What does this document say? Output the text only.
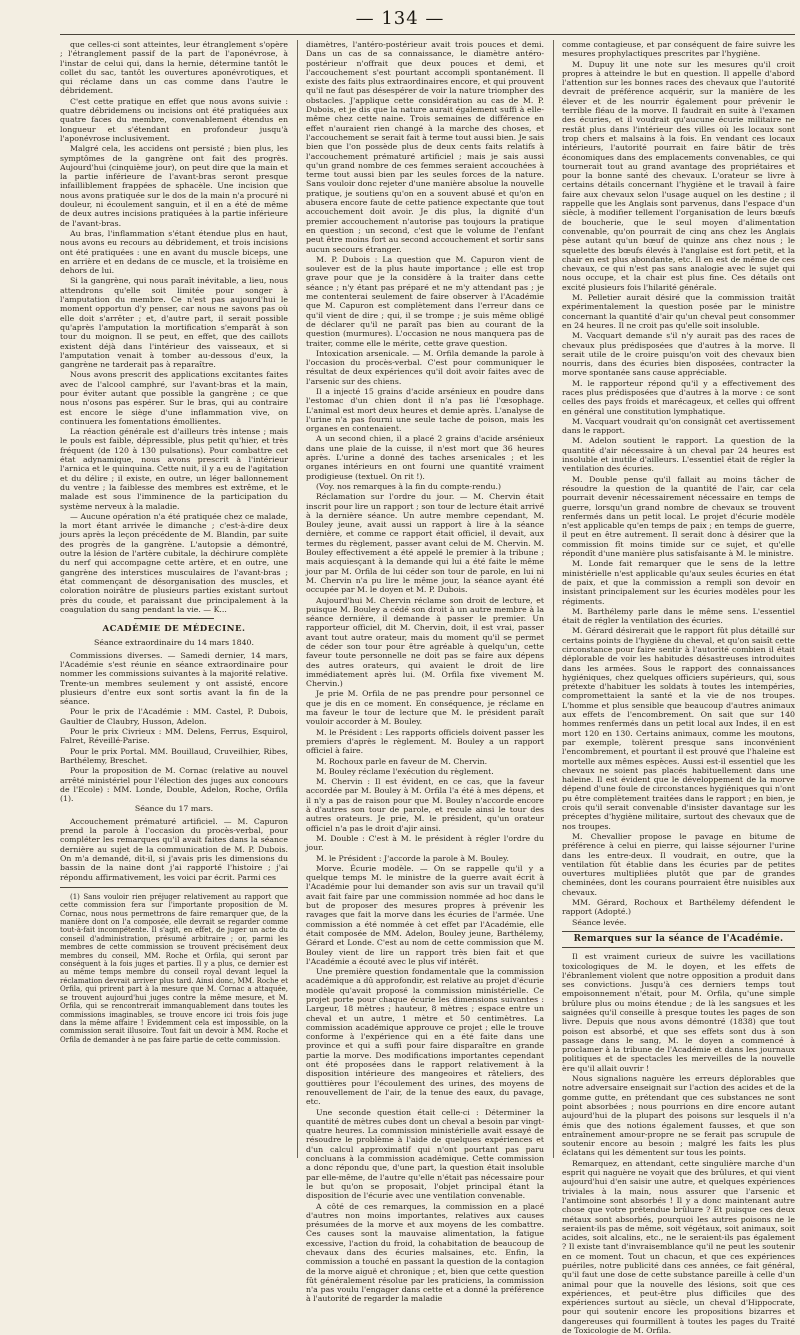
— 134 —

que celles-ci sont atteintes, leur étranglement s'opère ; l'étranglement passif de la part de l'aponévrose, à l'instar de celui qui, dans la hernie, détermine tantôt le collet du sac, tantôt les ouvertures aponévrotiques, et qui réclame dans un cas comme dans l'autre le débridement.

C'est cette pratique en effet que nous avons suivie : quatre débridemens ou incisions ont été pratiquées aux quatre faces du membre, convenablement étendus en longueur et s'étendant en profondeur jusqu'à l'aponévrose inclusivement.

Malgré cela, les accidens ont persisté ; bien plus, les symptômes de la gangrène ont fait des progrès. Aujourd'hui (cinquième jour), on peut dire que la main et la partie inférieure de l'avant-bras seront presque infailliblement frappées de sphacèle. Une incision que nous avons pratiquée sur le dos de la main n'a procuré ni douleur, ni écoulement sanguin, et il en a été de même de deux autres incisions pratiquées à la partie inférieure de l'avant-bras.

Au bras, l'inflammation s'étant étendue plus en haut, nous avons eu recours au débridement, et trois incisions ont été pratiquées : une en avant du muscle biceps, une en arrière et en dedans de ce muscle, et la troisième en dehors de lui.

Si la gangrène, qui nous paraît inévitable, a lieu, nous attendrons qu'elle soit limitée pour songer à l'amputation du membre. Ce n'est pas aujourd'hui le moment opportun d'y penser, car nous ne savons pas où elle doit s'arrêter ; et, d'autre part, il serait possible qu'après l'amputation la mortification s'emparât à son tour du moignon. Il se peut, en effet, que des caillots existent déjà dans l'intérieur des vaisseaux, et si l'amputation venait à tomber au-dessous d'eux, la gangrène ne tarderait pas à reparaître.

Nous avons prescrit des applications excitantes faites avec de l'alcool camphré, sur l'avant-bras et la main, pour éviter autant que possible la gangrène ; ce que nous n'osons pas espérer. Sur le bras, qui au contraire est encore le siège d'une inflammation vive, on continuera les fomentations émollientes.

La réaction générale est d'ailleurs très intense ; mais le pouls est faible, dépressible, plus petit qu'hier, et très fréquent (de 120 à 130 pulsations). Pour combattre cet état adynamique, nous avons prescrit à l'intérieur l'arnica et le quinquina. Cette nuit, il y a eu de l'agitation et du délire ; il existe, en outre, un léger ballonnement du ventre ; la faiblesse des membres est extrême, et le malade est sous l'imminence de la participation du système nerveux à la maladie.

— Aucune opération n'a été pratiquée chez ce malade, la mort étant arrivée le dimanche ; c'est-à-dire deux jours après la leçon précédente de M. Blandin, par suite des progrès de la gangrène. L'autopsie a démontré, outre la lésion de l'artère cubitale, la déchirure complète du nerf qui accompagne cette artère, et en outre, une gangrène des interstices musculaires de l'avant-bras ; état commençant de désorganisation des muscles, et coloration noirâtre de plusieurs parties existant surtout près du coude, et paraissant due principalement à la coagulation du sang pendant la vie. — K...

ACADÉMIE DE MÉDECINE.
Séance extraordinaire du 14 mars 1840.

Commissions diverses. — Samedi dernier, 14 mars, l'Académie s'est réunie en séance extraordinaire pour nommer les commissions suivantes à la majorité relative. Trente-un membres seulement y ont assisté, encore plusieurs d'entre eux sont sortis avant la fin de la séance.

Pour le prix de l'Académie : MM. Castel, P. Dubois, Gaultier de Claubry, Husson, Adelon.

Pour le prix Civrieux : MM. Delens, Ferrus, Esquirol, Falret, Réveillé-Parise.

Pour le prix Portal. MM. Bouillaud, Cruveilhier, Ribes, Barthélemy, Breschet.

Pour la proposition de M. Cornac (relative au nouvel arrêté ministériel pour l'élection des juges aux concours de l'Ecole) : MM. Londe, Double, Adelon, Roche, Orfila (1).

Séance du 17 mars.

Accouchement prématuré artificiel. — M. Capuron prend la parole à l'occasion du procès-verbal, pour compléter les remarques qu'il avait faites dans la séance dernière au sujet de la communication de M. P. Dubois. On m'a demandé, dit-il, si j'avais pris les dimensions du bassin de la naine dont j'ai rapporté l'histoire ; j'ai répondu affirmativement, les voici par écrit. Parmi ces

(1) Sans vouloir rien préjuger relativement au rapport que cette commission fera sur l'importante proposition de M. Cornac, nous nous permettrons de faire remarquer que, de la manière dont on l'a composée, elle devrait se regarder comme tout-à-fait incompétente. Il s'agit, en effet, de juger un acte du conseil d'administration, présumé arbitraire ; or, parmi les membres de cette commission se trouvent précisément deux membres du conseil, MM. Roche et Orfila, qui seront par conséquent à la fois juges et parties. Il y a plus, ce dernier est au même temps membre du conseil royal devant lequel la réclamation devrait arriver plus tard. Ainsi donc, MM. Roche et Orfila, qui prirent part à la mesure que M. Cornac a attaquée, se trouvent aujourd'hui juges contre la même mesure, et M. Orfila, qui se rencontrerait immanquablement dans toutes les commissions imaginables, se trouve encore ici trois fois juge dans la même affaire ! Evidemment cela est impossible, on la commission serait illusoire. Tout fait un devoir à MM. Roche et Orfila de demander à ne pas faire partie de cette commission.

diamètres, l'antéro-postérieur avait trois pouces et demi. Dans un cas de sa connaissance, le diamètre antéro-postérieur n'offrait que deux pouces et demi, et l'accouchement s'est pourtant accompli spontanément. Il existe des faits plus extraordinaires encore, et qui prouvent qu'il ne faut pas désespérer de voir la nature triompher des obstacles. J'applique cette considération au cas de M. P. Dubois, et je dis que la nature aurait également suffi à elle-même chez cette naine. Trois semaines de différence en effet n'auraient rien changé à la marche des choses, et l'accouchement se serait fait à terme tout aussi bien. Je sais bien que l'on possède plus de deux cents faits relatifs à l'accouchement prématuré artificiel ; mais je sais aussi qu'un grand nombre de ces femmes seraient accouchées à terme tout aussi bien par les seules forces de la nature. Sans vouloir donc rejeter d'une manière absolue la nouvelle pratique, je soutiens qu'on en a souvent abusé et qu'on en abusera encore faute de cette patience expectante que tout accouchement doit avoir. Je dis plus, la dignité d'un premier accouchement n'autorise pas toujours la pratique en question ; un second, c'est que le volume de l'enfant peut être moins fort au second accouchement et sortir sans aucun secours étranger.

M. P. Dubois : La question que M. Capuron vient de soulever est de la plus haute importance ; elle est trop grave pour que je la considère à la traiter dans cette séance ; n'y étant pas préparé et ne m'y attendant pas ; je me contenterai seulement de faire observer à l'Académie que M. Capuron est complètement dans l'erreur dans ce qu'il vient de dire ; qui, il se trompe ; je suis même obligé de déclarer qu'il ne paraît pas bien au courant de la question (murmures). L'occasion ne nous manquera pas de traiter, comme elle le mérite, cette grave question.

Intoxication arsenicale. — M. Orfila demande la parole à l'occasion du procès-verbal. C'est pour communiquer le résultat de deux expériences qu'il doit avoir faites avec de l'arsenic sur des chiens.

Il a injecté 15 grains d'acide arsénieux en poudre dans l'estomac d'un chien dont il n'a pas lié l'œsophage. L'animal est mort deux heures et demie après. L'analyse de l'urine n'a pas fourni une seule tache de poison, mais les organes en contenaient.

A un second chien, il a placé 2 grains d'acide arsénieux dans une plaie de la cuisse, il n'est mort que 36 heures après. L'urine a donné des taches arsenicales ; et les organes intérieurs en ont fourni une quantité vraiment prodigieuse (textuel. On rit !).

(Voy. nos remarques à la fin du compte-rendu.)

Réclamation sur l'ordre du jour. — M. Chervin était inscrit pour lire un rapport ; son tour de lecture était arrivé à la dernière séance. Un autre membre cependant, M. Bouley jeune, avait aussi un rapport à lire à la séance dernière, et comme ce rapport était officiel, il devait, aux termes du règlement, passer avant celui de M. Chervin. M. Bouley effectivement a été appelé le premier à la tribune ; mais acquiesçant à la demande qui lui a été faite le même jour par M. Orfila de lui céder son tour de parole, en lui ni M. Chervin n'a pu lire le même jour, la séance ayant été occupée par M. le doyen et M. P. Dubois.

Aujourd'hui M. Chervin réclame son droit de lecture, et puisque M. Bouley a cédé son droit à un autre membre à la séance dernière, il demande à passer le premier. Un rapporteur officiel, dit M. Chervin, doit, il est vrai, passer avant tout autre orateur, mais du moment qu'il se permet de céder son tour pour être agréable à quelqu'un, cette faveur toute personnelle ne doit pas se faire aux dépens des autres orateurs, qui avaient le droit de lire immédiatement après lui. (M. Orfila fixe vivement M. Chervin.)

Je prie M. Orfila de ne pas prendre pour personnel ce que je dis en ce moment. En conséquence, je réclame en ma faveur le tour de lecture que M. le président paraît vouloir accorder à M. Bouley.

M. le Président : Les rapports officiels doivent passer les premiers d'après le règlement. M. Bouley a un rapport officiel à faire.

M. Rochoux parle en faveur de M. Chervin.

M. Bouley réclame l'exécution du règlement.

M. Chervin : Il est évident, en ce cas, que la faveur accordée par M. Bouley à M. Orfila l'a été à mes dépens, et il n'y a pas de raison pour que M. Bouley n'accorde encore à d'autres son tour de parole, et recule ainsi le tour des autres orateurs. Je prie, M. le président, qu'un orateur officiel n'a pas le droit d'ajir ainsi.

M. Double : C'est à M. le président à régler l'ordre du jour.

M. le Président : J'accorde la parole à M. Bouley.

Morve. Écurie modèle. — On se rappelle qu'il y a quelque temps M. le ministre de la guerre avait écrit à l'Académie pour lui demander son avis sur un travail qu'il avait fait faire par une commission nommée ad hoc dans le but de proposer des mesures propres à prévenir les ravages que fait la morve dans les écuries de l'armée. Une commission a été nommée à cet effet par l'Académie, elle était composée de MM. Adelon, Bouley jeune, Barthélemy, Gérard et Londe. C'est au nom de cette commission que M. Bouley vient de lire un rapport très bien fait et que l'Académie a écouté avec le plus vif intérêt.

Une première question fondamentale que la commission académique a dû approfondir, est relative au projet d'écurie modèle qu'avait proposé la commission ministérielle. Ce projet porte pour chaque écurie les dimensions suivantes : Largeur, 18 mètres ; hauteur, 8 mètres ; espace entre un cheval et un autre, 1 mètre et 50 centimètres. La commission académique approuve ce projet ; elle le trouve conforme à l'expérience qui en a été faite dans une province et qui a suffi pour faire disparaître en grande partie la morve. Des modifications importantes cependant ont été proposées dans le rapport relativement à la disposition intérieure des mangeoires et râteliers, des gouttières pour l'écoulement des urines, des moyens de renouvellement de l'air, de la tenue des eaux, du pavage, etc.

Une seconde question était celle-ci : Déterminer la quantité de mètres cubes dont un cheval a besoin par vingt-quatre heures. La commission ministérielle avait essayé de résoudre le problème à l'aide de quelques expériences et d'un calcul approximatif qui n'ont pourtant pas paru concluans à la commission académique. Cette commission a donc répondu que, d'une part, la question était insoluble par elle-même, de l'autre qu'elle n'était pas nécessaire pour le but qu'on se proposait, l'objet principal étant la disposition de l'écurie avec une ventilation convenable.

A côté de ces remarques, la commission en a placé d'autres non moins importantes, relatives aux causes présumées de la morve et aux moyens de les combattre. Ces causes sont la mauvaise alimentation, la fatigue excessive, l'action du froid, la cohabitation de beaucoup de chevaux dans des écuries malsaines, etc. Enfin, la commission a touché en passant la question de la contagion de la morve aiguë et chronique ; et, bien que cette question fût généralement résolue par les praticiens, la commission n'a pas voulu l'engager dans cette et a donné la préférence à l'autorité de regarder la maladie

comme contagieuse, et par conséquent de faire suivre les mesures prophylactiques prescrites par l'hygiène.

M. Dupuy lit une note sur les mesures qu'il croit propres à atteindre le but en question. Il appelle d'abord l'attention sur les bonnes races des chevaux que l'autorité devrait de préférence acquérir, sur la manière de les élever et de les nourrir également pour prévenir le terrible fléau de la morve. Il faudrait en suite à l'examen des écuries, et il voudrait qu'aucune écurie militaire ne restât plus dans l'intérieur des villes où les locaux sont trop chers et malsains à la fois. En vendant ces locaux intérieurs, l'autorité pourrait en faire bâtir de très économiques dans des emplacements convenables, ce qui tournerait tout au grand avantage des propriétaires et pour la bonne santé des chevaux. L'orateur se livre à certains détails concernant l'hygiène et le travail à faire faire aux chevaux selon l'usage auquel on les destine ; il rappelle que les Anglais sont parvenus, dans l'espace d'un siècle, à modifier tellement l'organisation de leurs bœufs de boucherie, que le seul moyen d'alimentation convenable, qu'on pourrait de cinq ans chez les Anglais pèse autant qu'un bœuf de quinze ans chez nous ; le squelette des bœufs élevés à l'anglaise est fort petit, et la chair en est plus abondante, etc. Il en est de même de ces chevaux, ce qui n'est pas sans analogie avec le sujet qui nous occupe, et la chair est plus fine. Ces détails ont excité plusieurs fois l'hilarité générale.

M. Pelletier aurait désiré que la commission traitât expérimentalement la question posée par le ministre concernant la quantité d'air qu'un cheval peut consommer en 24 heures. Il ne croit pas qu'elle soit insoluble.

M. Vacquart demande s'il n'y aurait pas des races de chevaux plus prédisposées que d'autres à la morve. Il serait utile de le croire puisqu'on voit des chevaux bien nourris, dans des écuries bien disposées, contracter la morve spontanée sans cause appréciable.

M. le rapporteur répond qu'il y a effectivement des races plus prédisposées que d'autres à la morve : ce sont celles des pays froids et marécageux, et celles qui offrent en général une constitution lymphatique.

M. Vacquart voudrait qu'on consignât cet avertissement dans le rapport.

M. Adelon soutient le rapport. La question de la quantité d'air nécessaire à un cheval par 24 heures est insoluble et inutile d'ailleurs. L'essentiel était de régler la ventilation des écuries.

M. Double pense qu'il fallait au moins tâcher de résoudre la question de la quantité de l'air, car cela pourrait devenir nécessairement nécessaire en temps de guerre, lorsqu'un grand nombre de chevaux se trouvent renfermés dans un petit local. Le projet d'écurie modèle n'est applicable qu'en temps de paix ; en temps de guerre, il peut en être autrement. Il serait donc à désirer que la commission fît moins timide sur ce sujet, et qu'elle répondît d'une manière plus satisfaisante à M. le ministre.

M. Londe fait remarquer que le sens de la lettre ministérielle n'est applicable qu'aux seules écuries en état de paix, et que la commission a rempli son devoir en insistant principalement sur les écuries modèles pour les régiments.

M. Barthélemy parle dans le même sens. L'essentiel était de régler la ventilation des écuries.

M. Gérard désirerait que le rapport fût plus détaillé sur certains points de l'hygiène du cheval, et qu'on saisît cette circonstance pour faire sentir à l'autorité combien il était déplorable de voir les habitudes désastreuses introduites dans les armées. Sous le rapport des connaissances hygiéniques, chez quelques officiers supérieurs, qui, sous prétexte d'habituer les soldats à toutes les intempéries, compromettaient la santé et la vie de nos troupes. L'homme et plus sensible que beaucoup d'autres animaux aux effets de l'encombrement. On sait que sur 140 hommes renfermés dans un petit local aux Indes, il en est mort 120 en 130. Certains animaux, comme les moutons, par exemple, tolèrent presque sans inconvénient l'encombrement, et pourtant il est prouvé que l'haleine est mortelle aux mêmes espèces. Aussi est-il essentiel que les chevaux ne soient pas placés habituellement dans une haleine. Il est évident que le développement de la morve dépend d'une foule de circonstances hygiéniques qui n'ont pu être complètement traitées dans le rapport ; en bien, je crois qu'il serait convenable d'insister davantage sur les préceptes d'hygiène militaire, surtout des chevaux que de nos troupes.

M. Chevallier propose le pavage en bitume de préférence à celui en pierre, qui laisse séjourner l'urine dans les entre-deux. Il voudrait, en outre, que la ventilation fût établie dans les écuries par de petites ouvertures multipliées plutôt que par de grandes cheminées, dont les courans pourraient être nuisibles aux chevaux.

MM. Gérard, Rochoux et Barthélemy défendent le rapport (Adopté.)

Séance levée.

Remarques sur la séance de l'Académie.

Il est vraiment curieux de suivre les vacillations toxicologiques de M. le doyen, et les effets de l'ébranlement violent que notre opposition a produit dans ses convictions. Jusqu'à ces derniers temps tout empoisonnement n'était, pour M. Orfila, qu'une simple brûlure plus ou moins étendue ; de là les sangsues et les saignées qu'il conseille à presque toutes les pages de son livre. Depuis que nous avons démontré (1838) que tout poison est absorbé, et que ses effets sont dus à son passage dans le sang, M. le doyen a commencé à proclamer à la tribune de l'Académie et dans les journaux politiques et de spectacles les merveilles de la nouvelle ère qu'il allait ouvrir !

Nous signalions naguère les erreurs déplorables que notre adversaire enseignait sur l'action des acides et de la gomme gutte, en prétendant que ces substances ne sont point absorbées ; nous pourrions en dire encore autant aujourd'hui de la plupart des poisons sur lesquels il n'a émis que des notions également fausses, et que son entraînement amour-propre ne se ferait pas scrupule de soutenir encore au besoin ; malgré les faits les plus éclatans qui les démentent sur tous les points.

Remarquez, en attendant, cette singulière marche d'un esprit qui naguère ne voyait que des brûlures, et qui vient aujourd'hui d'en saisir une autre, et quelques expériences triviales à la main, nous assurer que l'arsenic et l'antimoine sont absorbés ! Il y a donc maintenant autre chose que votre prétendue brûlure ? Et puisque ces deux métaux sont absorbés, pourquoi les autres poisons ne le seraient-ils pas de même, soit végétaux, soit animaux, soit acides, soit alcalins, etc., ne le seraient-ils pas également ? Il existe tant d'invraisemblance qu'il ne peut les soutenir en ce moment. Tout un chacun, et que ces expériences puériles, notre publicité dans ces années, ce fait général, qu'il faut une dose de cette substance pareille à celle d'un animal pour que la nouvelle des lésions, soit que ces expériences, et peut-être plus difficiles que des expériences surtout au siècle, un cheval d'Hippocrate, pour qui soutenir encore les propositions bizarres et dangereuses qui fourmillent à toutes les pages du Traité de Toxicologie de M. Orfila.
